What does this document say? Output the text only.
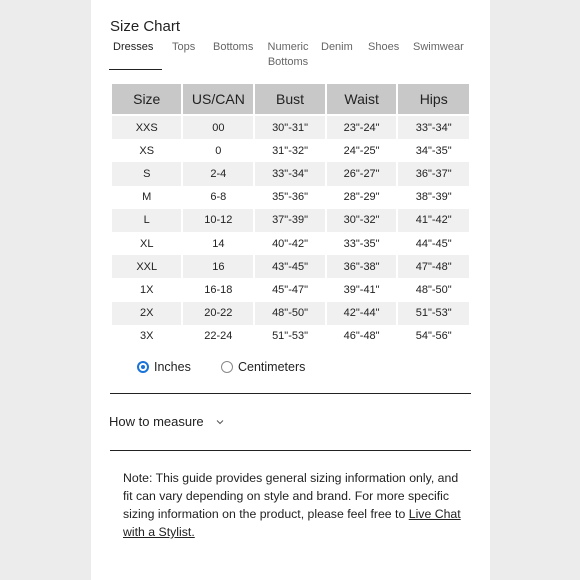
Size Chart
Dresses Tops Bottoms Numeric
Bottoms
Denim Shoes Swimwear
Size	US/CAN	Bust	Waist	Hips
XXS	00	30"-31"	23"-24"	33"-34"
XS	0	31"-32"	24"-25"	34"-35"
S	2-4	33"-34"	26"-27"	36"-37"
M	6-8	35"-36"	28"-29"	38"-39"
L	10-12	37"-39"	30"-32"	41"-42"
XL	14	40"-42"	33"-35"	44"-45"
XXL	16	43"-45"	36"-38"	47"-48"
1X	16-18	45"-47"	39"-41"	48"-50"
2X	20-22	48"-50"	42"-44"	51"-53"
3X	22-24	51"-53"	46"-48"	54"-56"
Inches	Centimeters
How to measure
Note: This guide provides general sizing information only, and fit can vary depending on style and brand. For more specific sizing information on the product, please feel free to Live Chat with a Stylist.
